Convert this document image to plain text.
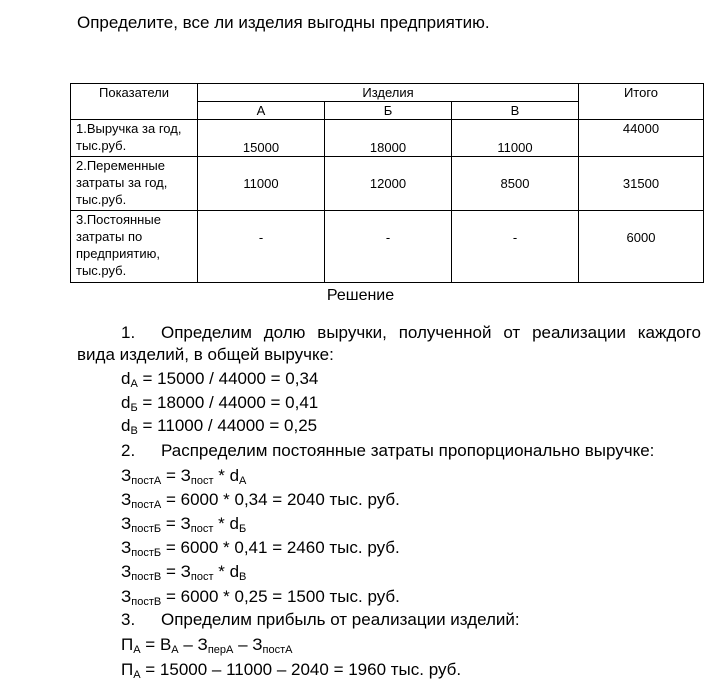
Определите, все ли изделия выгодны предприятию.
Показатели	Изделия			Итого
	А	Б	В	
1.Выручка за год, тыс.руб.	15000	18000	11000	44000
2.Переменные затраты за год, тыс.руб.	11000	12000	8500	31500
3.Постоянные затраты по предприятию, тыс.руб.	-	-	-	6000
Решение
1. Определим долю выручки, полученной от реализации каждого
вида изделий, в общей выручке:
dА = 15000 / 44000 = 0,34
dБ = 18000 / 44000 = 0,41
dВ = 11000 / 44000 = 0,25
2. Распределим постоянные затраты пропорционально выручке:
ЗпостА = Зпост * dА
ЗпостА = 6000 * 0,34 = 2040 тыс. руб.
ЗпостБ = Зпост * dБ
ЗпостБ = 6000 * 0,41 = 2460 тыс. руб.
ЗпостВ = Зпост * dВ
ЗпостВ = 6000 * 0,25 = 1500 тыс. руб.
3. Определим прибыль от реализации изделий:
ПА = ВА – ЗперА – ЗпостА
ПА = 15000 – 11000 – 2040 = 1960 тыс. руб.
